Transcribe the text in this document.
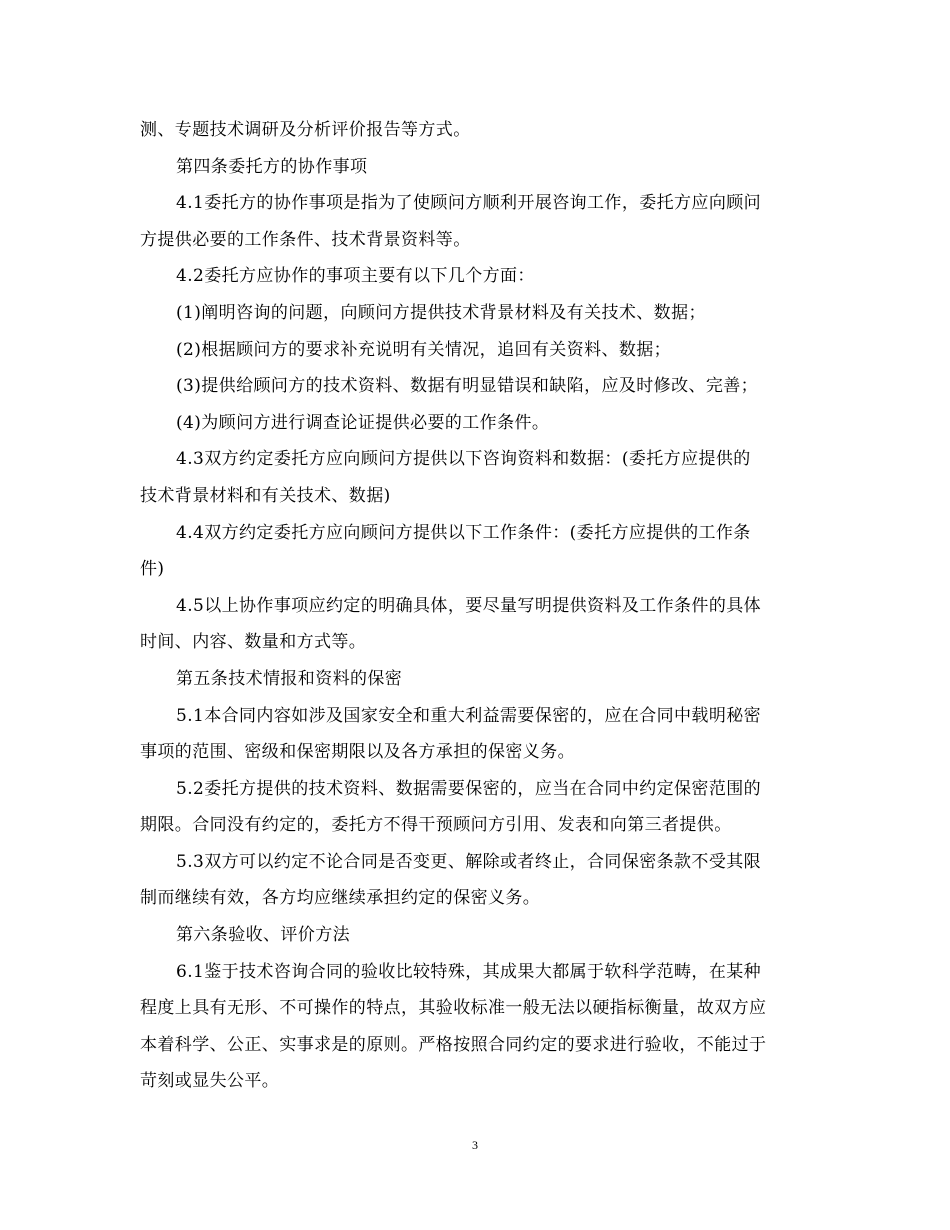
测、专题技术调研及分析评价报告等方式。
第四条委托方的协作事项
4.1委托方的协作事项是指为了使顾问方顺利开展咨询工作，委托方应向顾问
方提供必要的工作条件、技术背景资料等。
4.2委托方应协作的事项主要有以下几个方面：
(1)阐明咨询的问题，向顾问方提供技术背景材料及有关技术、数据；
(2)根据顾问方的要求补充说明有关情况，追回有关资料、数据；
(3)提供给顾问方的技术资料、数据有明显错误和缺陷，应及时修改、完善；
(4)为顾问方进行调查论证提供必要的工作条件。
4.3双方约定委托方应向顾问方提供以下咨询资料和数据：(委托方应提供的
技术背景材料和有关技术、数据)
4.4双方约定委托方应向顾问方提供以下工作条件：(委托方应提供的工作条
件)
4.5以上协作事项应约定的明确具体，要尽量写明提供资料及工作条件的具体
时间、内容、数量和方式等。
第五条技术情报和资料的保密
5.1本合同内容如涉及国家安全和重大利益需要保密的，应在合同中载明秘密
事项的范围、密级和保密期限以及各方承担的保密义务。
5.2委托方提供的技术资料、数据需要保密的，应当在合同中约定保密范围的
期限。合同没有约定的，委托方不得干预顾问方引用、发表和向第三者提供。
5.3双方可以约定不论合同是否变更、解除或者终止，合同保密条款不受其限
制而继续有效，各方均应继续承担约定的保密义务。
第六条验收、评价方法
6.1鉴于技术咨询合同的验收比较特殊，其成果大都属于软科学范畴，在某种
程度上具有无形、不可操作的特点，其验收标准一般无法以硬指标衡量，故双方应
本着科学、公正、实事求是的原则。严格按照合同约定的要求进行验收，不能过于
苛刻或显失公平。
3
